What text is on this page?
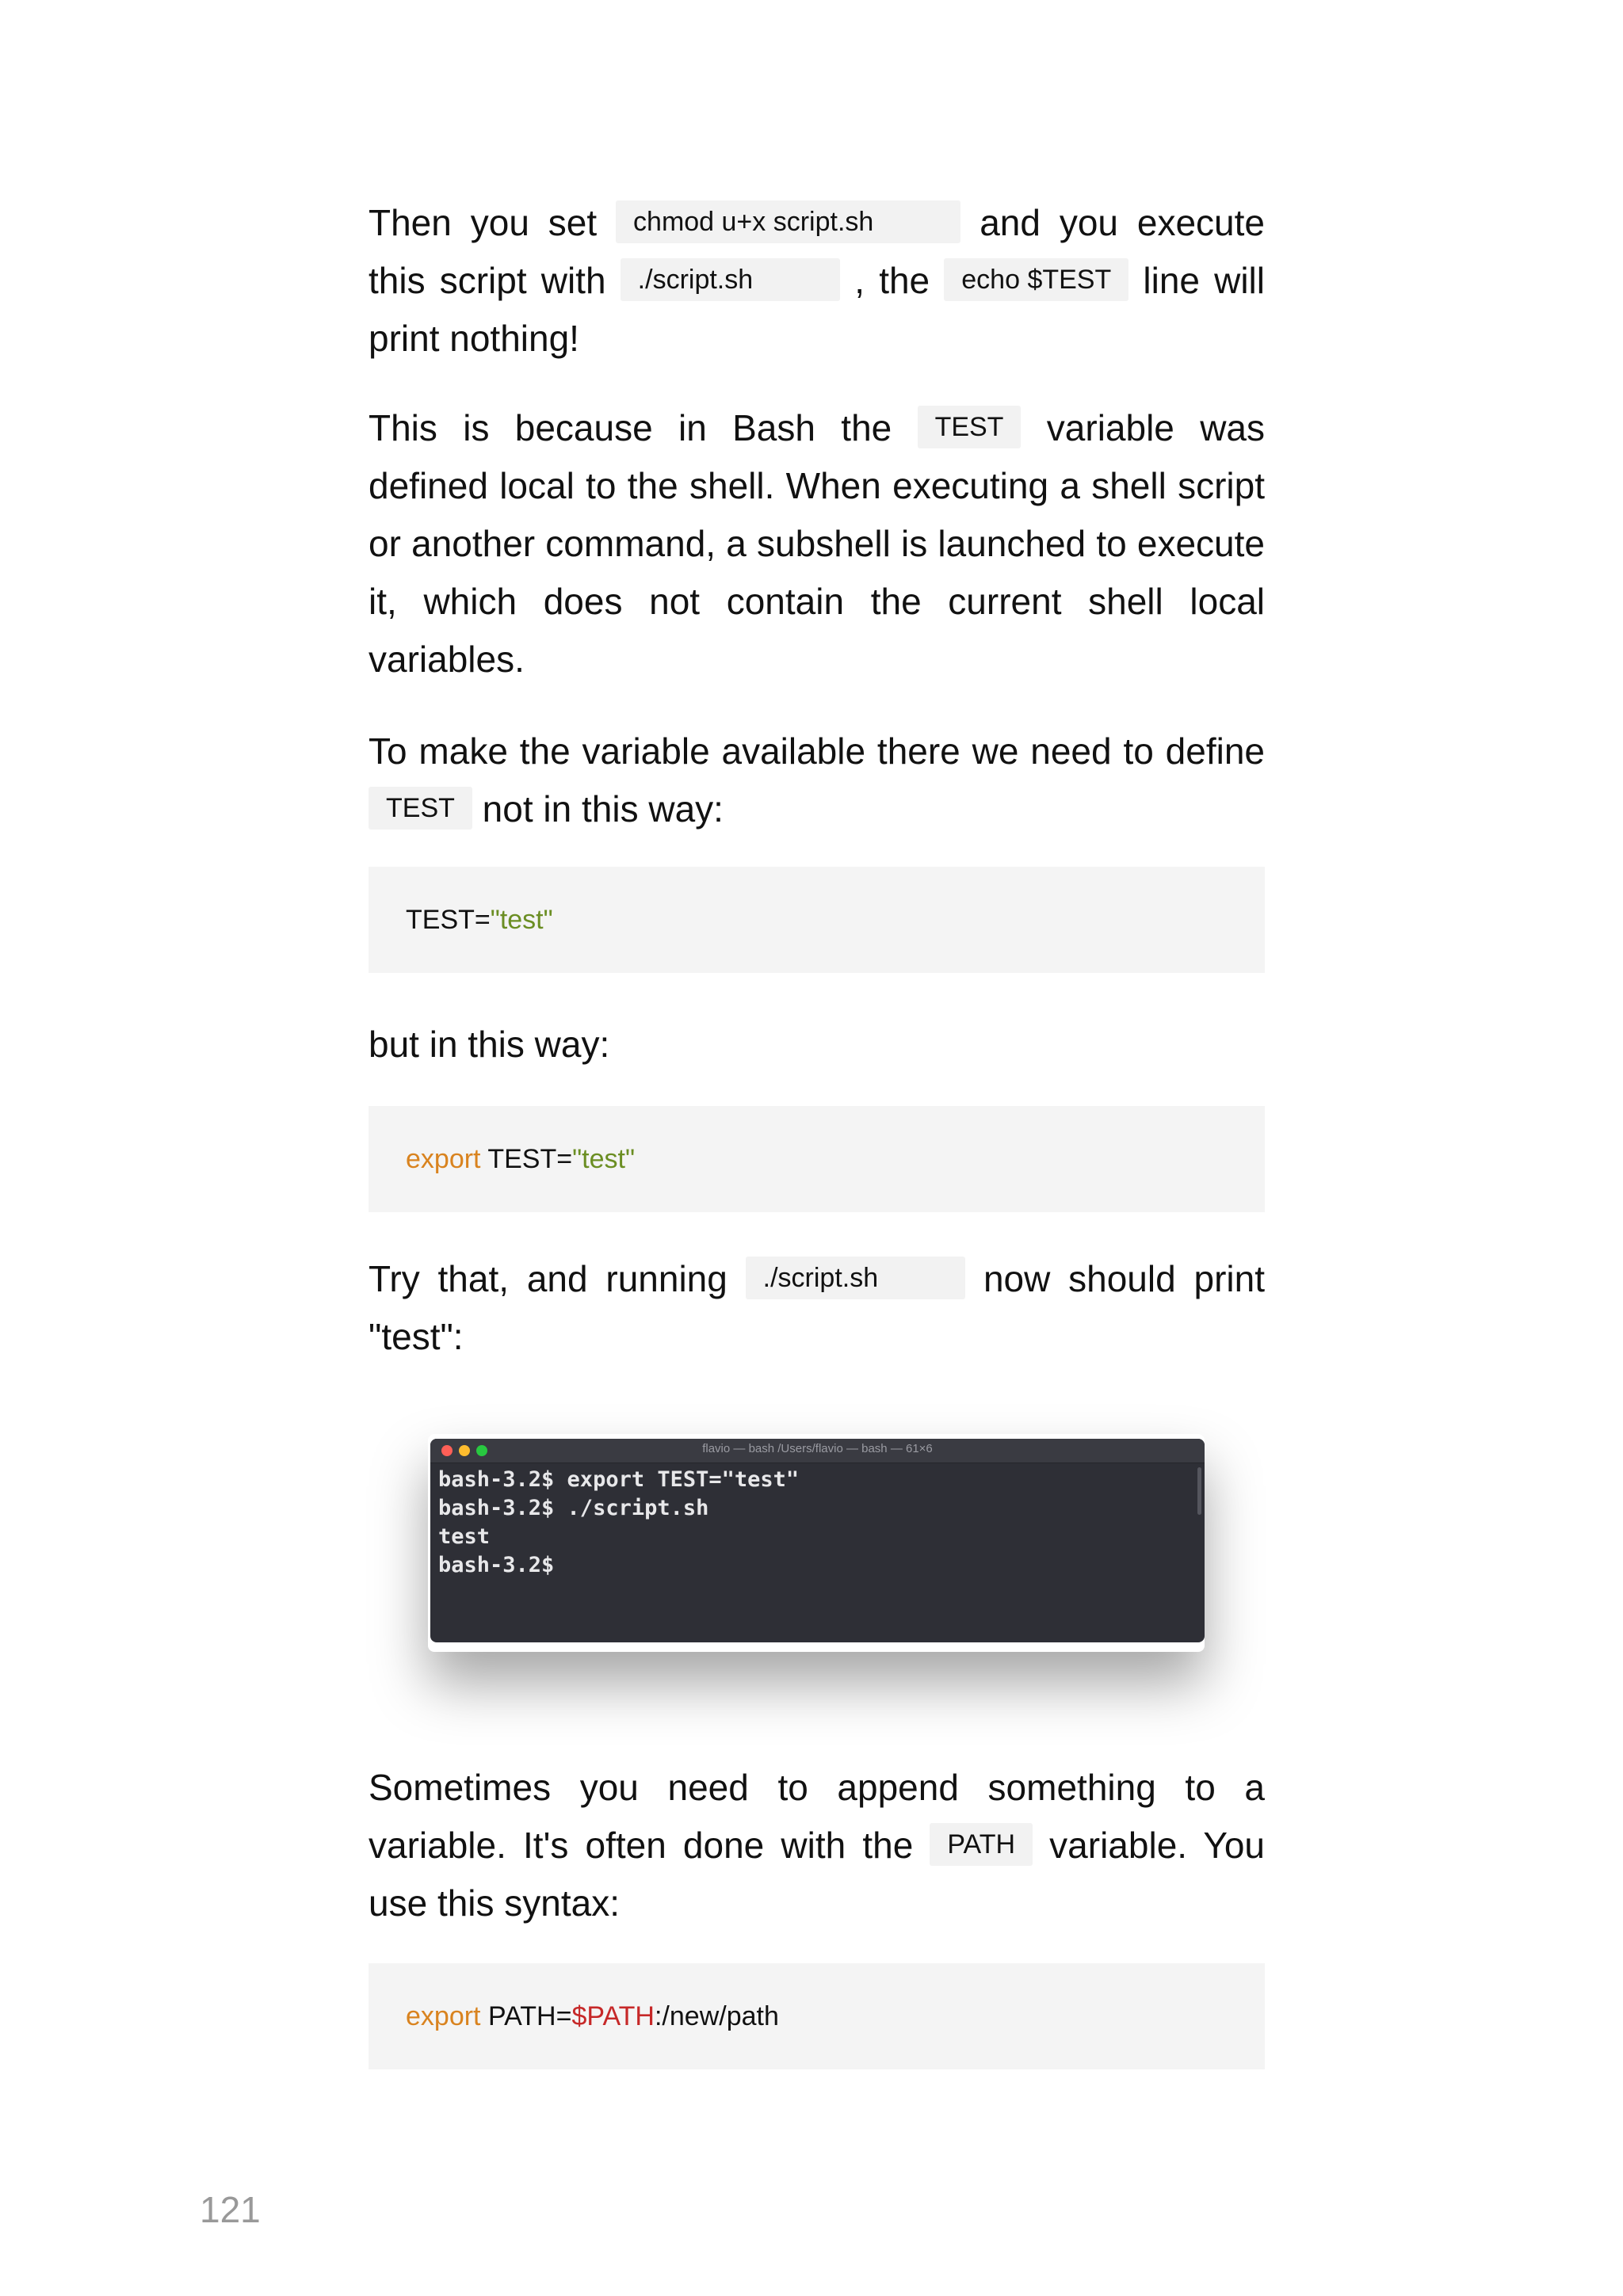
Then you set chmod u+x script.sh and you execute this script with ./script.sh , the echo $TEST line will print nothing!

This is because in Bash the TEST variable was defined local to the shell. When executing a shell script or another command, a subshell is launched to execute it, which does not contain the current shell local variables.

To make the variable available there we need to define TEST not in this way:

TEST="test"

but in this way:

export TEST="test"

Try that, and running ./script.sh now should print "test":

flavio — bash /Users/flavio — bash — 61×6
bash-3.2$ export TEST="test"
bash-3.2$ ./script.sh
test
bash-3.2$

Sometimes you need to append something to a variable. It's often done with the PATH variable. You use this syntax:

export PATH=$PATH:/new/path
121
